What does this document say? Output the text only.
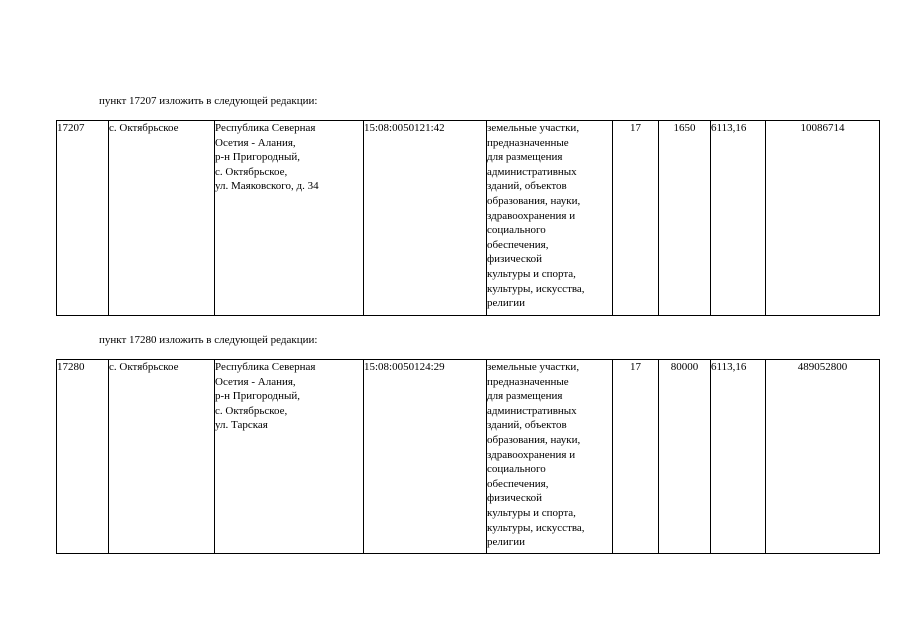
пункт 17207 изложить в следующей редакции:
17207	с. Октябрьское	Республика Северная
Осетия - Алания,
р-н Пригородный,
с. Октябрьское,
ул. Маяковского, д. 34
	15:08:0050121:42	земельные участки,
предназначенные
для размещения
административных
зданий, объектов
образования, науки,
здравоохранения и
социального
обеспечения,
физической
культуры и спорта,
культуры, искусства,
религии
	17	1650	6113,16	10086714
пункт 17280 изложить в следующей редакции:
17280	с. Октябрьское	Республика Северная
Осетия - Алания,
р-н Пригородный,
с. Октябрьское,
ул. Тарская
	15:08:0050124:29	земельные участки,
предназначенные
для размещения
административных
зданий, объектов
образования, науки,
здравоохранения и
социального
обеспечения,
физической
культуры и спорта,
культуры, искусства,
религии
	17	80000	6113,16	489052800
